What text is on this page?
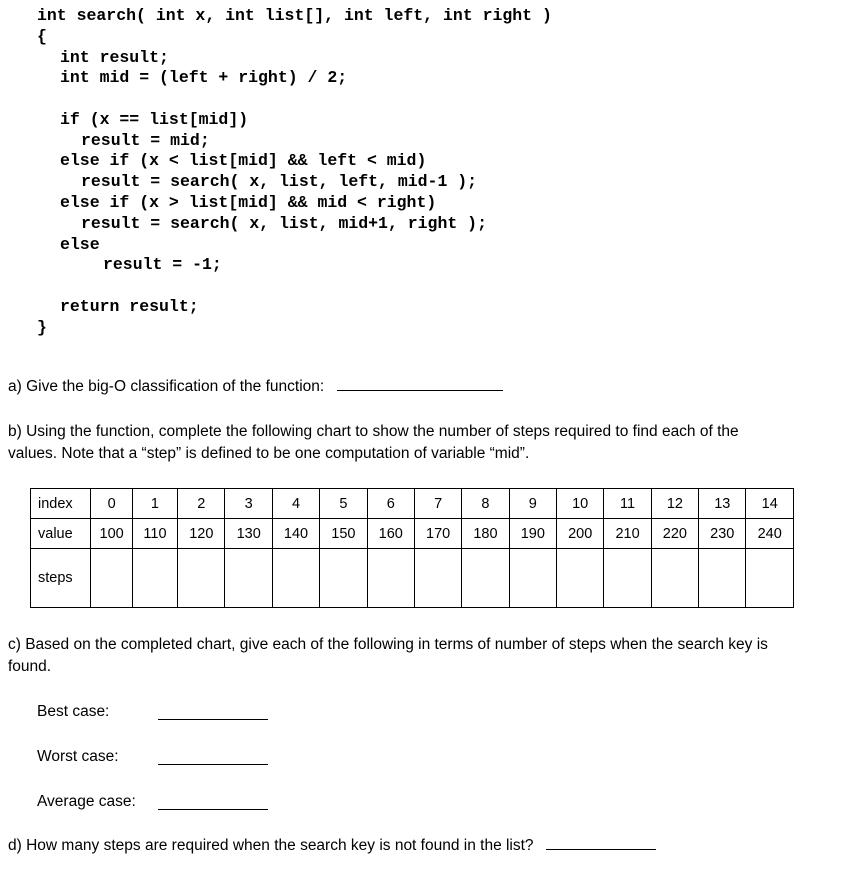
int search( int x, int list[], int left, int right )

{

int result;

int mid = (left + right) / 2;

if (x == list[mid])

result = mid;

else if (x < list[mid] && left < mid)

result = search( x, list, left, mid-1 );

else if (x > list[mid] && mid < right)

result = search( x, list, mid+1, right );

else

result = -1;

return result;

}

a) Give the big-O classification of the function:
b) Using the function, complete the following chart to show the number of steps required to find each of the
values. Note that a “step” is defined to be one computation of variable “mid”.
index	0	1	2	3	4	5	6	7	8	9	10	11	12	13	14
value	100	110	120	130	140	150	160	170	180	190	200	210	220	230	240
steps															
c) Based on the completed chart, give each of the following in terms of number of steps when the search key is
found.
Best case:
Worst case:
Average case:
d) How many steps are required when the search key is not found in the list?
